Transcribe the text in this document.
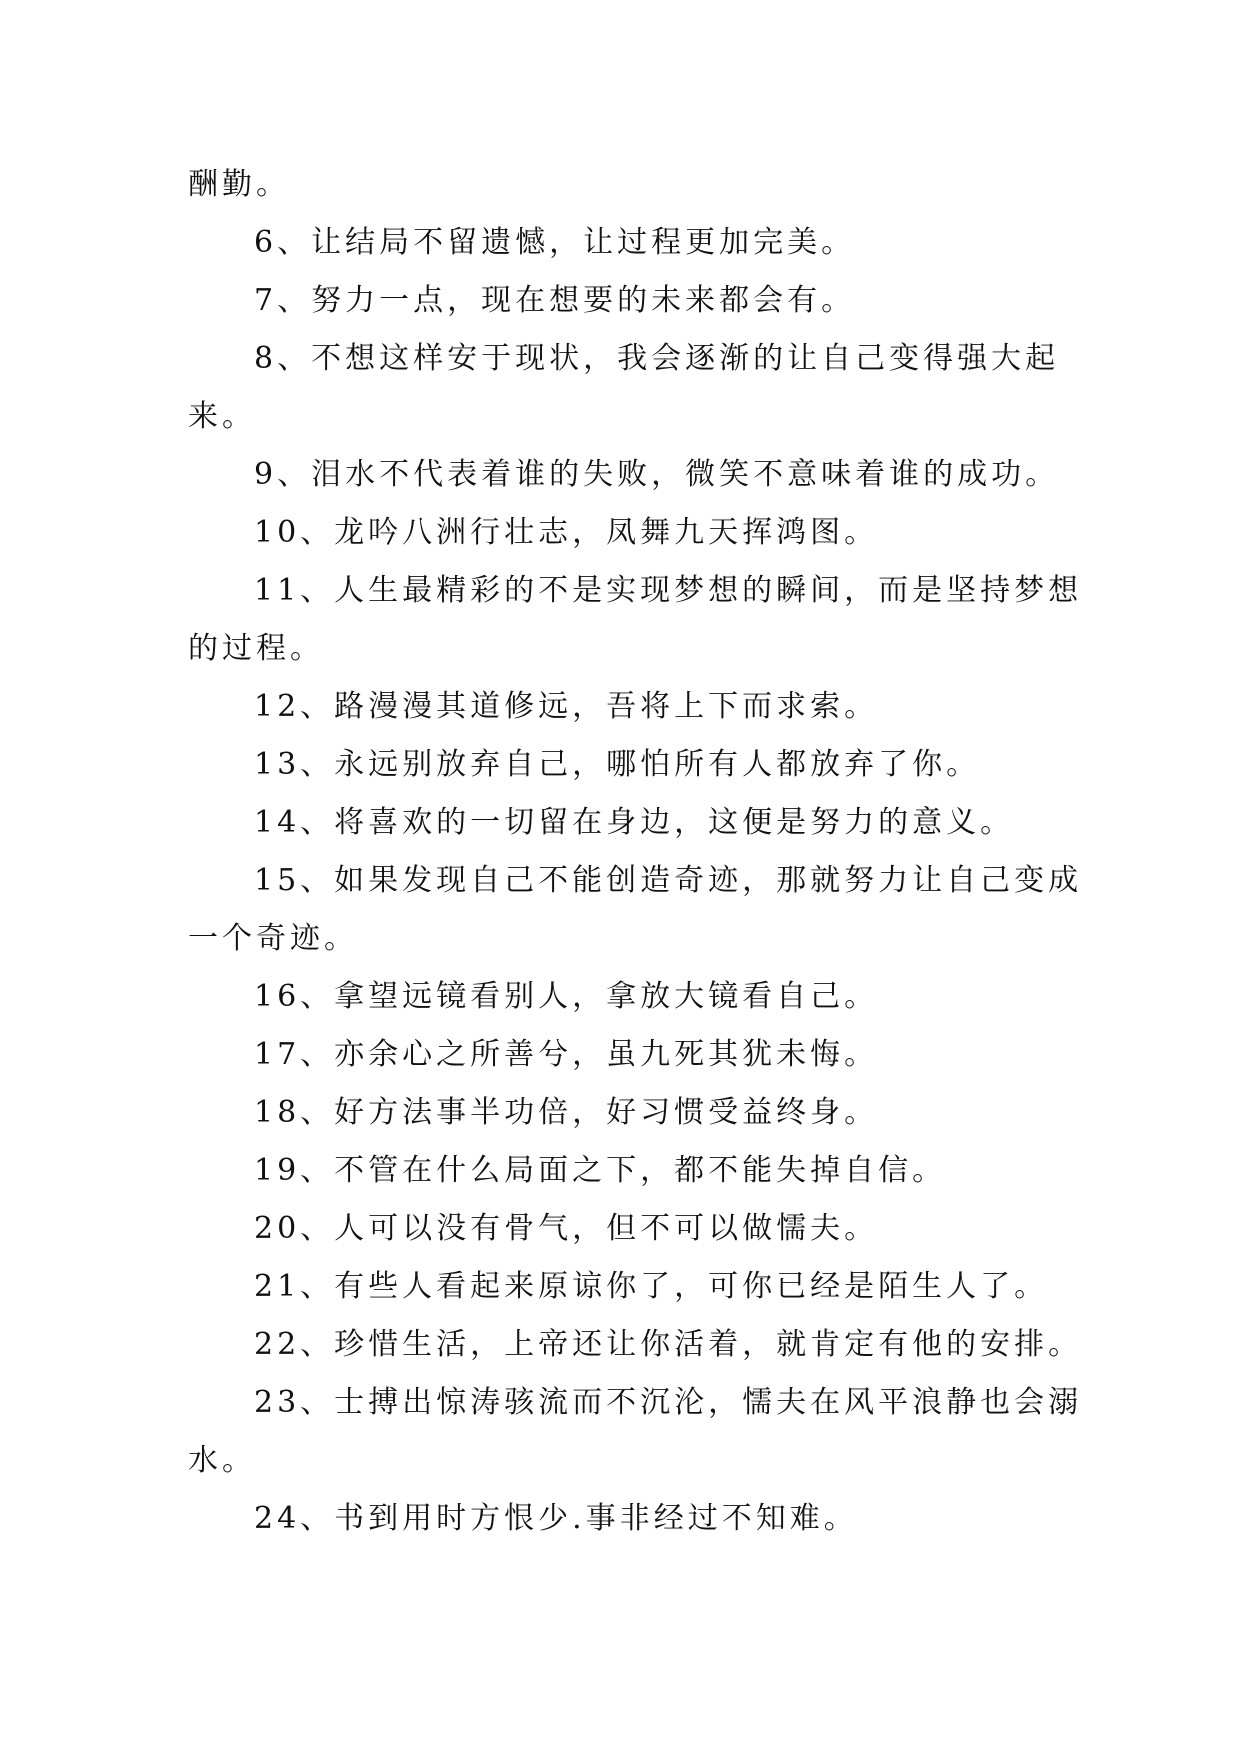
酬勤。
6、让结局不留遗憾，让过程更加完美。
7、努力一点，现在想要的未来都会有。
8、不想这样安于现状，我会逐渐的让自己变得强大起
来。
9、泪水不代表着谁的失败，微笑不意味着谁的成功。
10、龙吟八洲行壮志，凤舞九天挥鸿图。
11、人生最精彩的不是实现梦想的瞬间，而是坚持梦想
的过程。
12、路漫漫其道修远，吾将上下而求索。
13、永远别放弃自己，哪怕所有人都放弃了你。
14、将喜欢的一切留在身边，这便是努力的意义。
15、如果发现自己不能创造奇迹，那就努力让自己变成
一个奇迹。
16、拿望远镜看别人，拿放大镜看自己。
17、亦余心之所善兮，虽九死其犹未悔。
18、好方法事半功倍，好习惯受益终身。
19、不管在什么局面之下，都不能失掉自信。
20、人可以没有骨气，但不可以做懦夫。
21、有些人看起来原谅你了，可你已经是陌生人了。
22、珍惜生活，上帝还让你活着，就肯定有他的安排。
23、士搏出惊涛骇流而不沉沦，懦夫在风平浪静也会溺
水。
24、书到用时方恨少.事非经过不知难。
